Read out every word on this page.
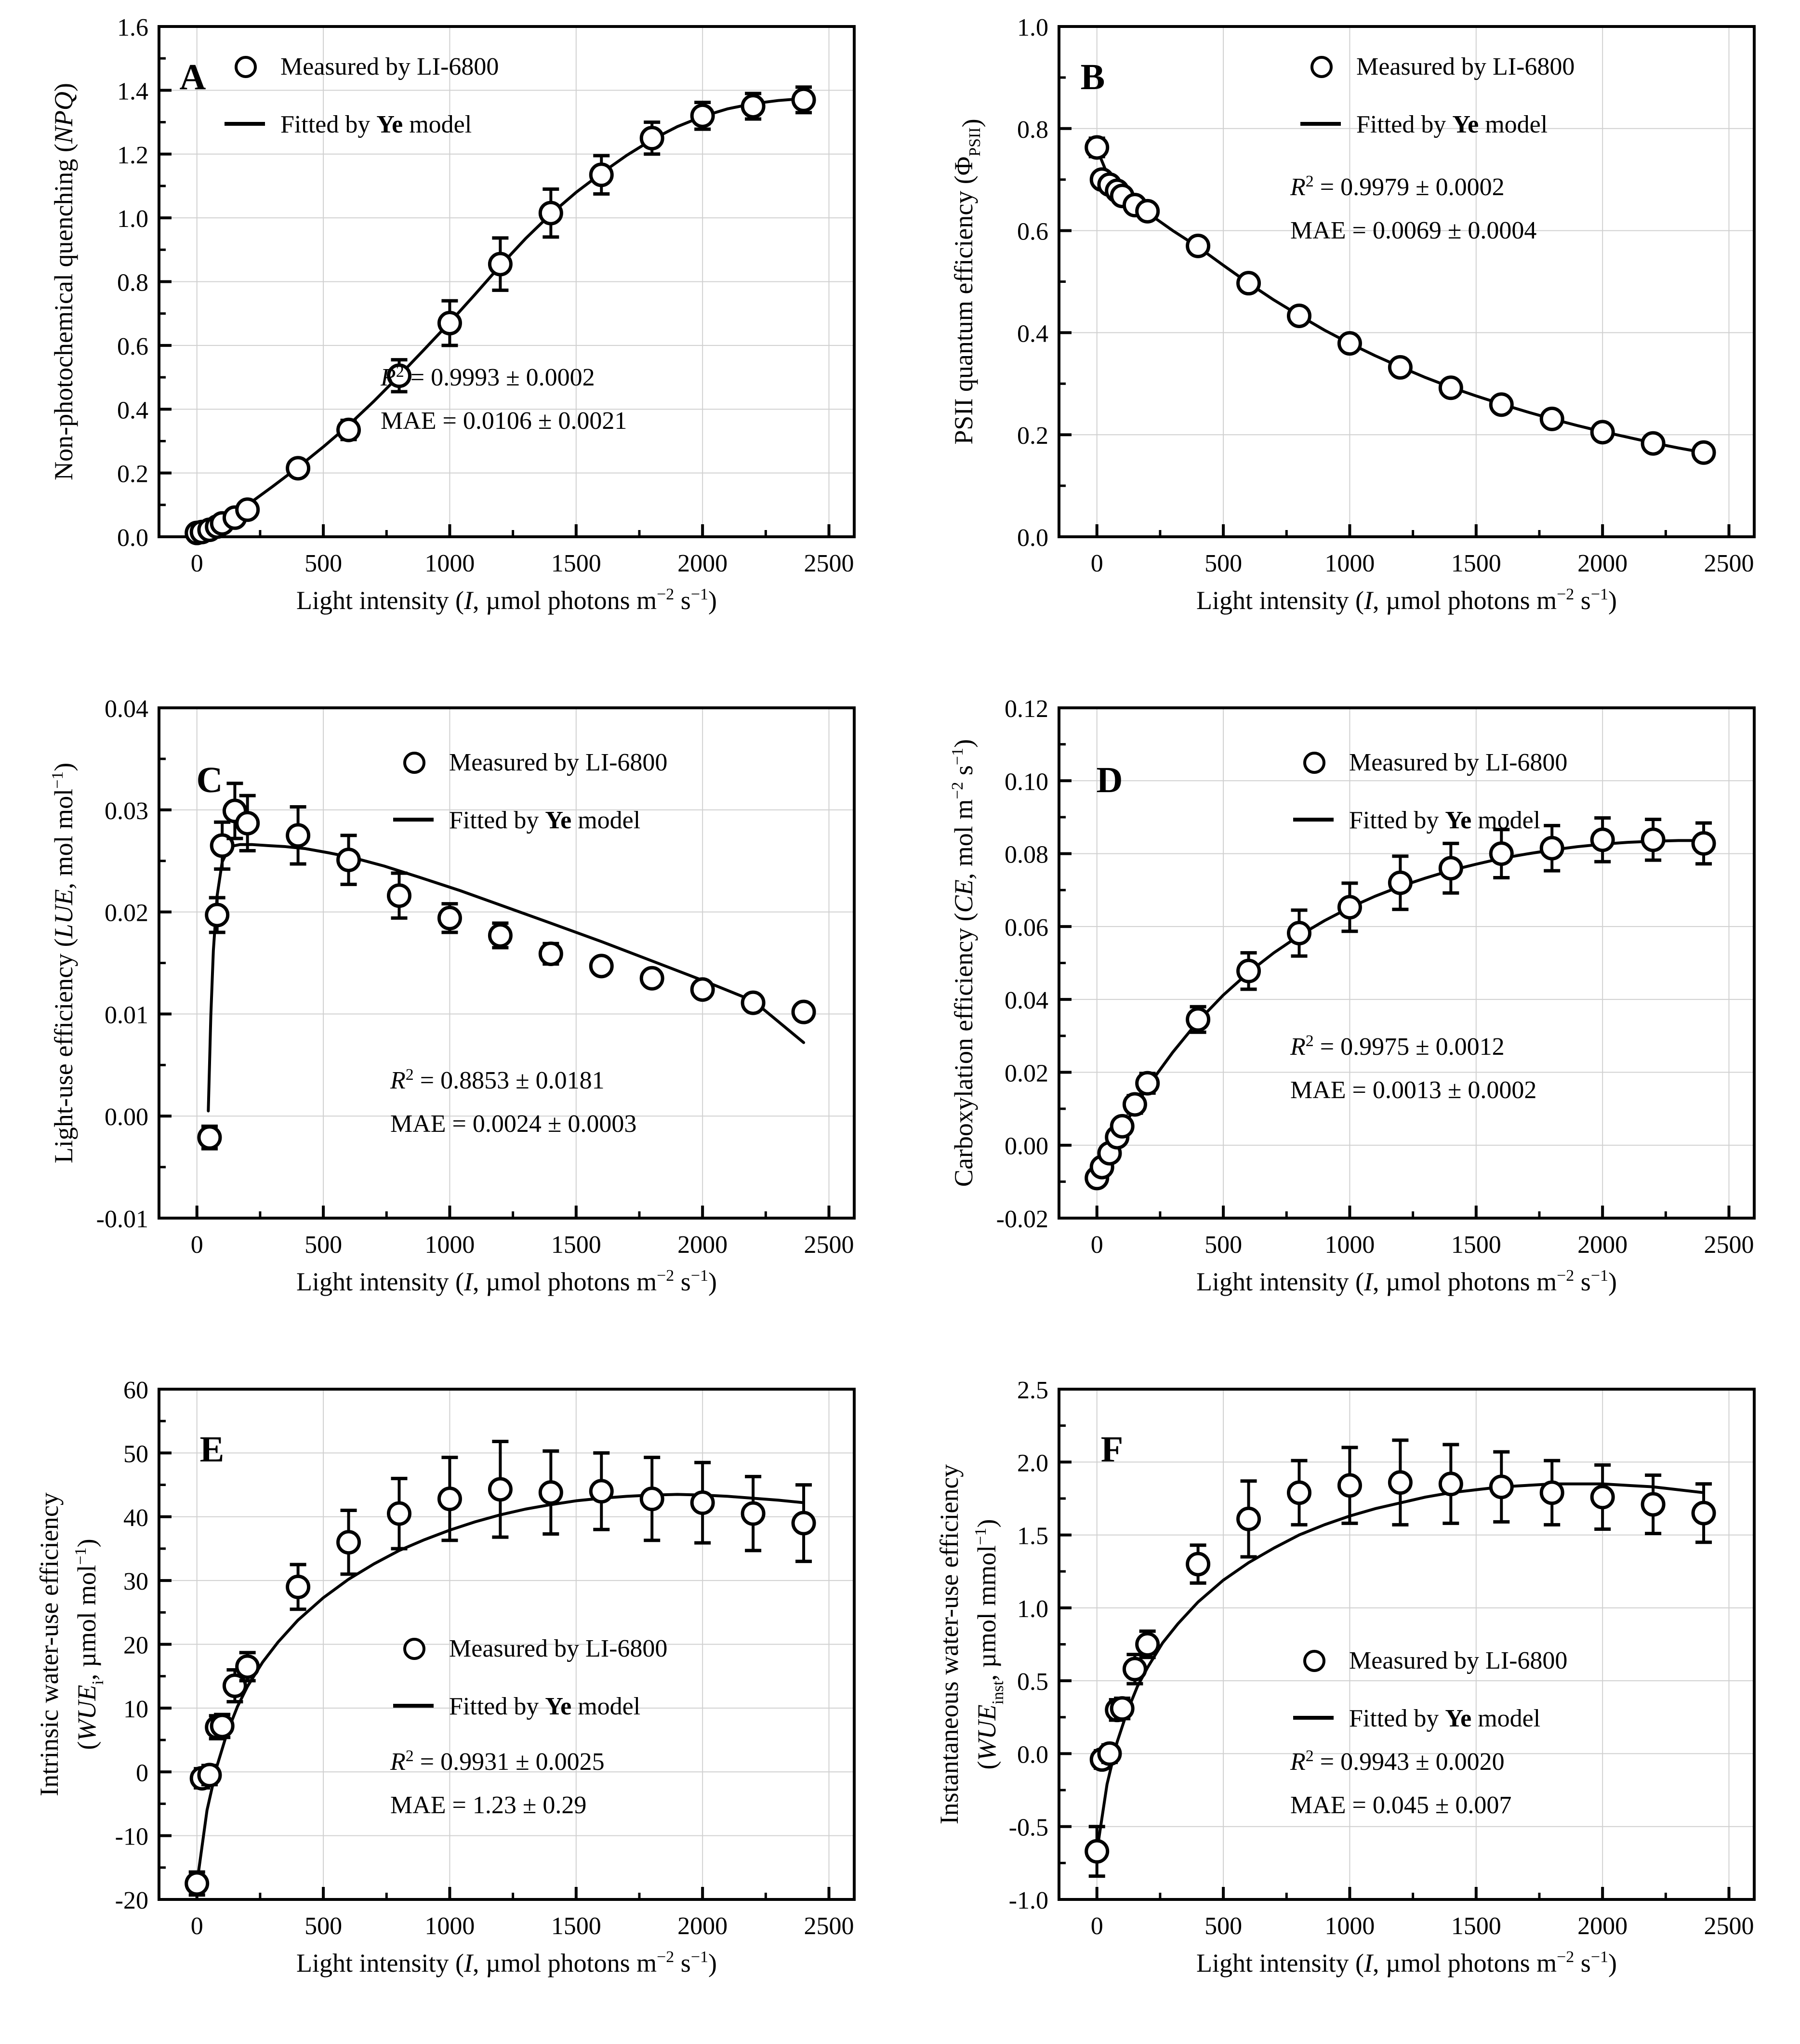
0	500	1000	1500	2000	2500
0.0
0.2
0.4
0.6
0.8
1.0
1.2
1.4
1.6
A	Measured by LI-6800
Fitted by Ye model
$R^2 = 0.9993 \pm 0.0002$
MAE = 0.0106 ± 0.0021
Light intensity (I, µmol photons $m^{-2}$ $s^{-1}$)
Non-photochemical quenching (NPQ)
0	500	1000	1500	2000	2500
0.0
0.2
0.4
0.6
0.8
1.0
B	Measured by LI-6800
Fitted by Ye model
$R^2 = 0.9979 \pm 0.0002$
MAE = 0.0069 ± 0.0004
Light intensity (I, µmol photons $m^{-2}$ $s^{-1}$)
PSII quantum efficiency $(\Phi_{PSII})$
0	500	1000	1500	2000	2500
-0.01
0.00
0.01
0.02
0.03
0.04
C	Measured by LI-6800
Fitted by Ye model
$R^2 = 0.8853 \pm 0.0181$
MAE = 0.0024 ± 0.0003
Light intensity (I, µmol photons $m^{-2}$ $s^{-1}$)
Light-use efficiency (LUE, mol mol$^{-1}$)
0	500	1000	1500	2000	2500
-0.02
0.00
0.02
0.04
0.06
0.08
0.10
0.12
D	Measured by LI-6800
Fitted by Ye model
$R^2 = 0.9975 \pm 0.0012$
MAE = 0.0013 ± 0.0002
Light intensity (I, µmol photons $m^{-2}$ $s^{-1}$)
Carboxylation efficiency (CE, mol $m^{-2}$ $s^{-1}$)
0	500	1000	1500	2000	2500
-20
-10
0
10
20
30
40
50
60
E
Measured by LI-6800
Fitted by Ye model
$R^2 = 0.9931 \pm 0.0025$
MAE = 1.23 ± 0.29
Light intensity (I, µmol photons $m^{-2}$ $s^{-1}$)
Intrinsic water-use efficiency ($WUE_i$, µmol mol$^{-1}$)
0	500	1000	1500	2000	2500
-1.0
-0.5
0.0
0.5
1.0
1.5
2.0
2.5
F
Measured by LI-6800
Fitted by Ye model
$R^2 = 0.9943 \pm 0.0020$
MAE = 0.045 ± 0.007
Light intensity (I, µmol photons $m^{-2}$ $s^{-1}$)
Instantaneous water-use efficiency ($WUE_{inst}$, µmol mmol$^{-1}$)
